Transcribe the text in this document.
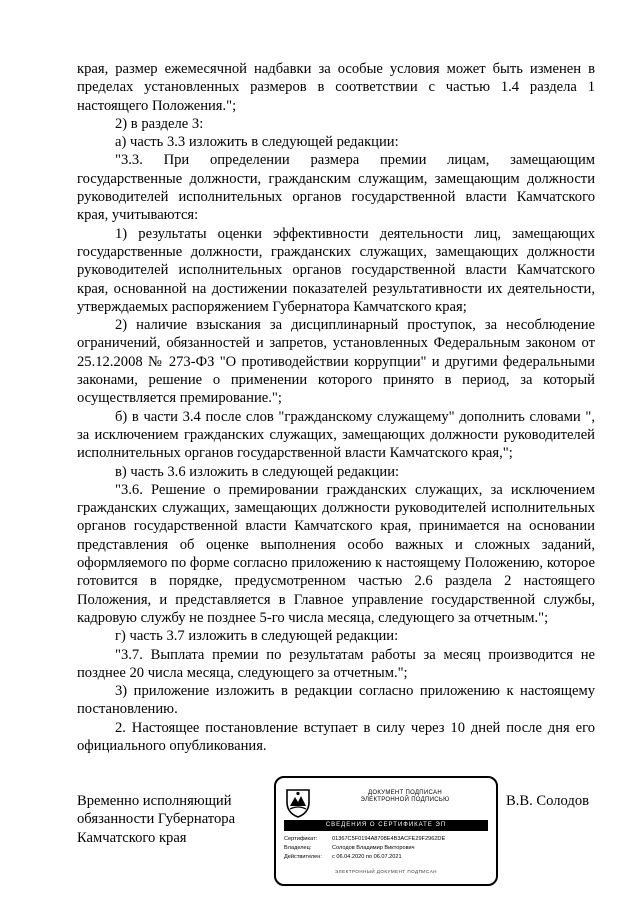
края, размер ежемесячной надбавки за особые условия может быть изменен в пределах установленных размеров в соответствии с частью 1.4 раздела 1 настоящего Положения.";

2) в разделе 3:

а) часть 3.3 изложить в следующей редакции:

"3.3. При определении размера премии лицам, замещающим государственные должности, гражданским служащим, замещающим должности руководителей исполнительных органов государственной власти Камчатского края, учитываются:

1) результаты оценки эффективности деятельности лиц, замещающих государственные должности, гражданских служащих, замещающих должности руководителей исполнительных органов государственной власти Камчатского края, основанной на достижении показателей результативности их деятельности, утверждаемых распоряжением Губернатора Камчатского края;

2) наличие взыскания за дисциплинарный проступок, за несоблюдение ограничений, обязанностей и запретов, установленных Федеральным законом от 25.12.2008 № 273-ФЗ "О противодействии коррупции" и другими федеральными законами, решение о применении которого принято в период, за который осуществляется премирование.";

б) в части 3.4 после слов "гражданскому служащему" дополнить словами ", за исключением гражданских служащих, замещающих должности руководителей исполнительных органов государственной власти Камчатского края,";

в) часть 3.6 изложить в следующей редакции:

"3.6. Решение о премировании гражданских служащих, за исключением гражданских служащих, замещающих должности руководителей исполнительных органов государственной власти Камчатского края, принимается на основании представления об оценке выполнения особо важных и сложных заданий, оформляемого по форме согласно приложению к настоящему Положению, которое готовится в порядке, предусмотренном частью 2.6 раздела 2 настоящего Положения, и представляется в Главное управление государственной службы, кадровую службу не позднее 5-го числа месяца, следующего за отчетным.";

г) часть 3.7 изложить в следующей редакции:

"3.7. Выплата премии по результатам работы за месяц производится не позднее 20 числа месяца, следующего за отчетным.";

3) приложение изложить в редакции согласно приложению к настоящему постановлению.

2. Настоящее постановление вступает в силу через 10 дней после дня его официального опубликования.

Временно исполняющий

обязанности Губернатора

Камчатского края

В.В. Солодов
ДОКУМЕНТ ПОДПИСАН
ЭЛЕКТРОННОЙ ПОДПИСЬЮ
СВЕДЕНИЯ О СЕРТИФИКАТЕ ЭП
Сертификат:	01367C5F0194A8708E4B3ACFE29F2962DE
Владелец:	Солодов Владимир Викторович
Действителен: с 06.04.2020 по 06.07.2021
ЭЛЕКТРОННЫЙ ДОКУМЕНТ ПОДПИСАН
